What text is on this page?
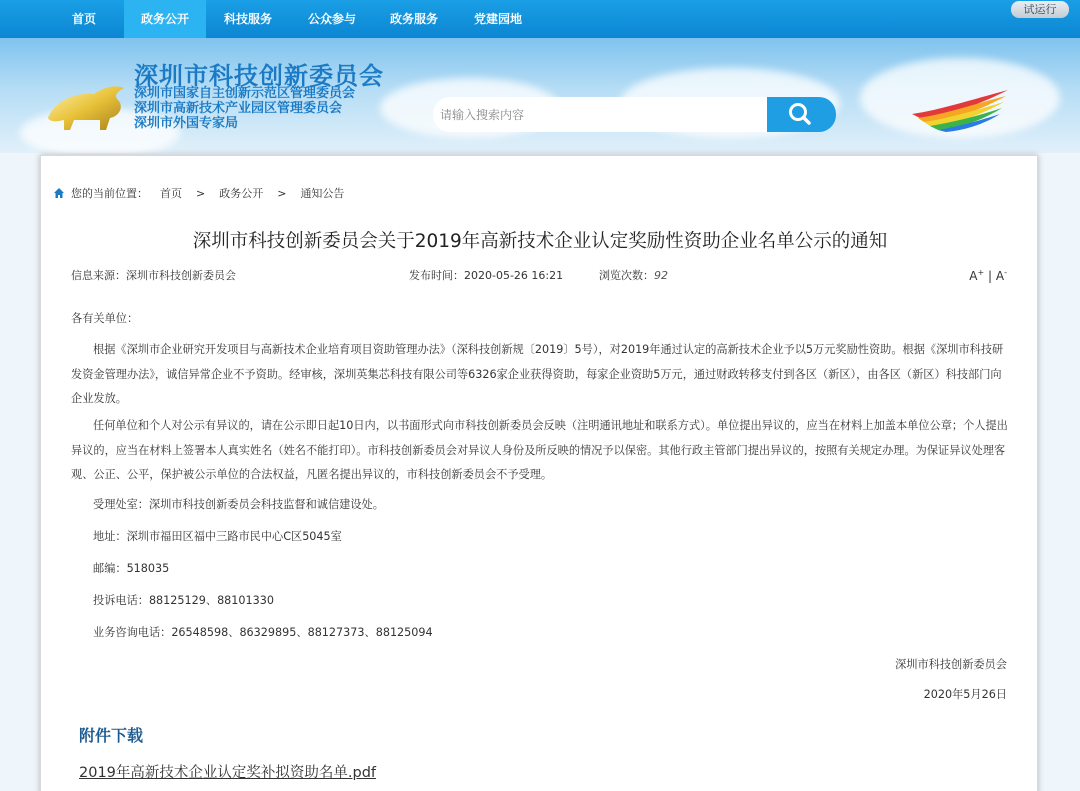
首页	政务公开	科技服务	公众参与	政务服务	党建园地
试运行
深圳市科技创新委员会
深圳市国家自主创新示范区管理委员会
深圳市高新技术产业园区管理委员会
深圳市外国专家局
请输入搜索内容
您的当前位置： 首页 > 政务公开 > 通知公告
深圳市科技创新委员会关于2019年高新技术企业认定奖励性资助企业名单公示的通知
信息来源：深圳市科技创新委员会	发布时间：2020-05-26 16:21	浏览次数：92	A+ | A-
各有关单位：
根据《深圳市企业研究开发项目与高新技术企业培育项目资助管理办法》（深科技创新规〔2019〕5号），对2019年通过认定的高新技术企业予以5万元奖励性资助。根据《深圳市科技研发资金管理办法》，诚信异常企业不予资助。经审核，深圳英集芯科技有限公司等6326家企业获得资助，每家企业资助5万元，通过财政转移支付到各区（新区），由各区（新区）科技部门向企业发放。
任何单位和个人对公示有异议的，请在公示即日起10日内，以书面形式向市科技创新委员会反映（注明通讯地址和联系方式）。单位提出异议的，应当在材料上加盖本单位公章；个人提出异议的，应当在材料上签署本人真实姓名（姓名不能打印）。市科技创新委员会对异议人身份及所反映的情况予以保密。其他行政主管部门提出异议的，按照有关规定办理。为保证异议处理客观、公正、公平，保护被公示单位的合法权益，凡匿名提出异议的，市科技创新委员会不予受理。
受理处室：深圳市科技创新委员会科技监督和诚信建设处。
地址：深圳市福田区福中三路市民中心C区5045室
邮编：518035
投诉电话：88125129、88101330
业务咨询电话：26548598、86329895、88127373、88125094
深圳市科技创新委员会
2020年5月26日
附件下载
2019年高新技术企业认定奖补拟资助名单.pdf
